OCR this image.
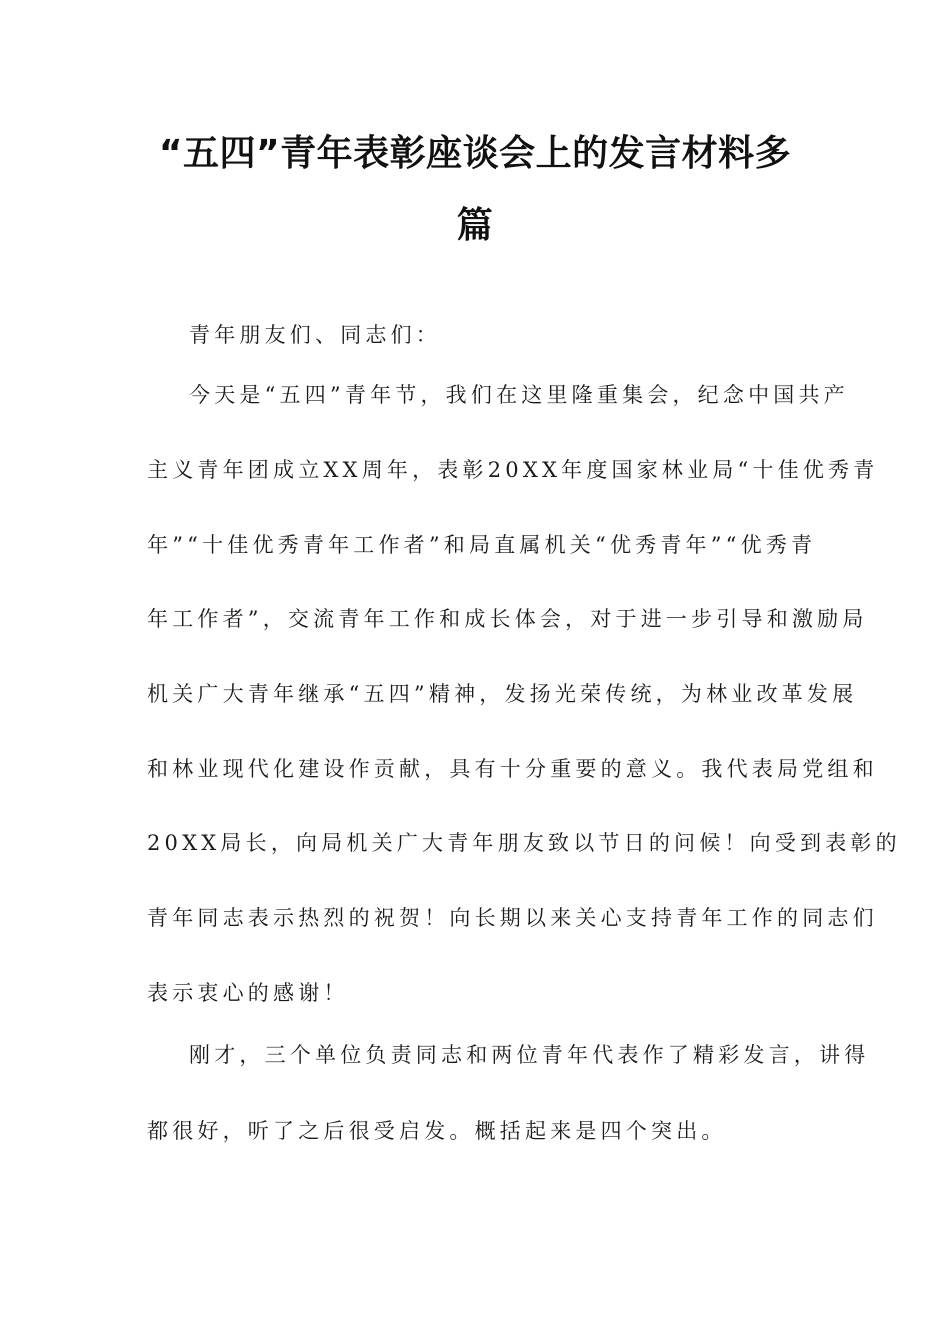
“五四”青年表彰座谈会上的发言材料多
篇
青年朋友们、同志们：
今天是“五四”青年节，我们在这里隆重集会，纪念中国共产
主义青年团成立XX周年，表彰20XX年度国家林业局“十佳优秀青
年”“十佳优秀青年工作者”和局直属机关“优秀青年”“优秀青
年工作者”，交流青年工作和成长体会，对于进一步引导和激励局
机关广大青年继承“五四”精神，发扬光荣传统，为林业改革发展
和林业现代化建设作贡献，具有十分重要的意义。我代表局党组和
20XX局长，向局机关广大青年朋友致以节日的问候！向受到表彰的
青年同志表示热烈的祝贺！向长期以来关心支持青年工作的同志们
表示衷心的感谢！
刚才，三个单位负责同志和两位青年代表作了精彩发言，讲得
都很好，听了之后很受启发。概括起来是四个突出。
